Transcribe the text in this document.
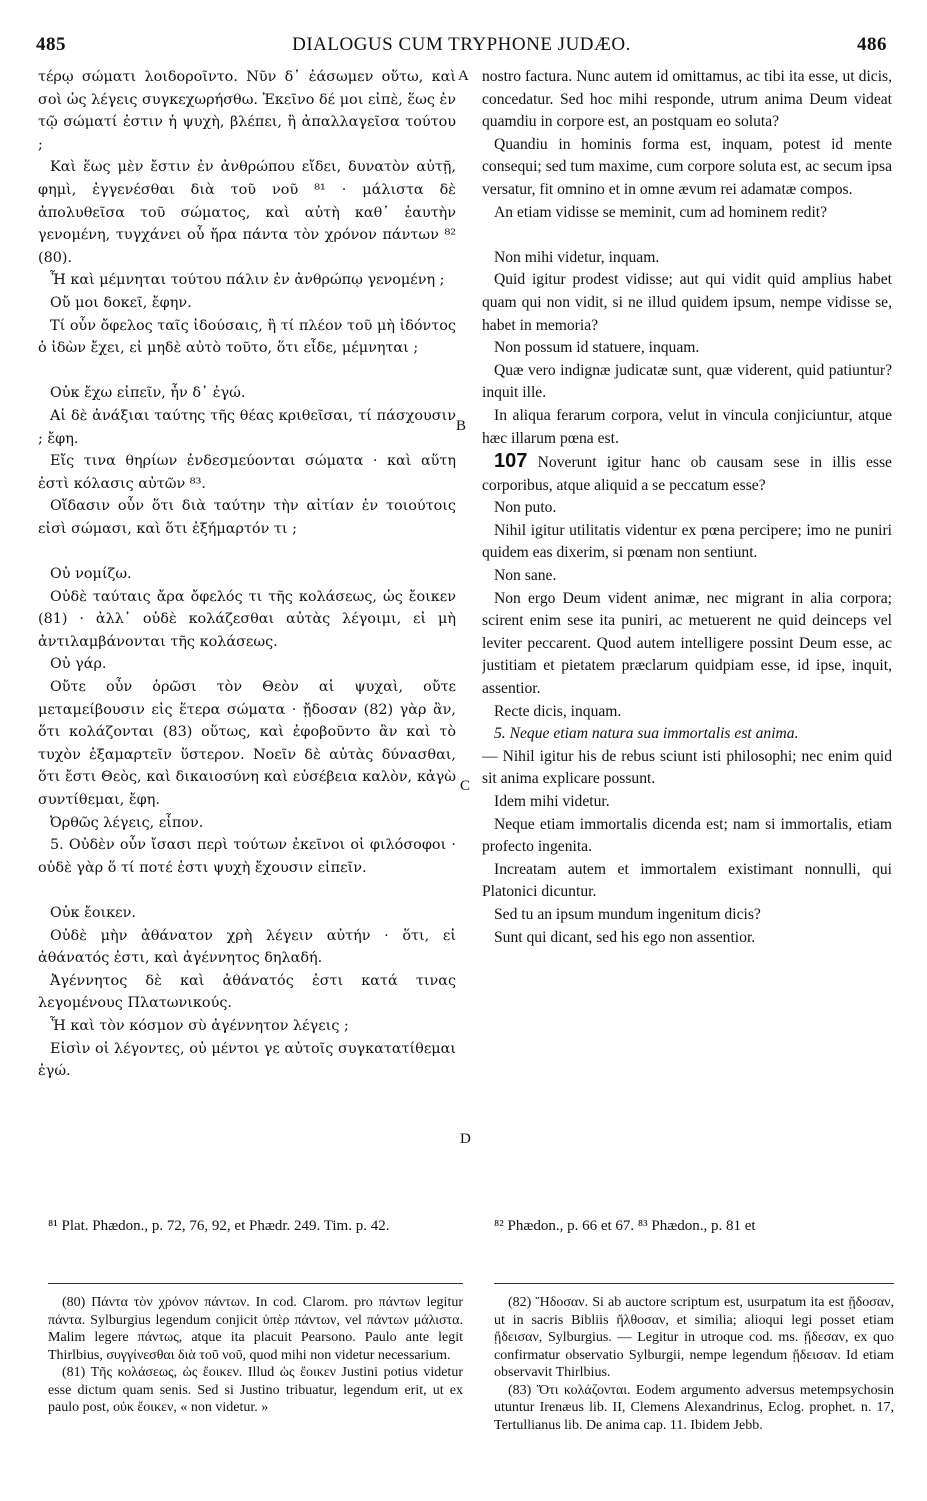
485	DIALOGUS CUM TRYPHONE JUDÆO.	486

τέρῳ σώματι λοιδοροῖντο. Νῦν δ᾽ ἐάσωμεν οὕτω, καὶ σοὶ ὡς λέγεις συγκεχωρήσθω. Ἐκεῖνο δέ μοι εἰπὲ, ἕως ἐν τῷ σώματί ἐστιν ἡ ψυχὴ, βλέπει, ἢ ἀπαλλαγεῖσα τούτου ;

Καὶ ἕως μὲν ἔστιν ἐν ἀνθρώπου εἴδει, δυνατὸν αὐτῇ, φημὶ, ἐγγενέσθαι διὰ τοῦ νοῦ ⁸¹ · μάλιστα δὲ ἀπολυθεῖσα τοῦ σώματος, καὶ αὐτὴ καθ᾽ ἑαυτὴν γενομένη, τυγχάνει οὗ ἤρα πάντα τὸν χρόνον πάντων ⁸² (80).

Ἦ καὶ μέμνηται τούτου πάλιν ἐν ἀνθρώπῳ γενομένη ;

Οὔ μοι δοκεῖ, ἔφην.

Τί οὖν ὄφελος ταῖς ἰδούσαις, ἢ τί πλέον τοῦ μὴ ἰδόντος ὁ ἰδὼν ἔχει, εἰ μηδὲ αὐτὸ τοῦτο, ὅτι εἶδε, μέμνηται ;

Οὐκ ἔχω εἰπεῖν, ἦν δ᾽ ἐγώ.

Αἱ δὲ ἀνάξιαι ταύτης τῆς θέας κριθεῖσαι, τί πάσχουσιν ; ἔφη.

Εἴς τινα θηρίων ἐνδεσμεύονται σώματα · καὶ αὕτη ἐστὶ κόλασις αὐτῶν ⁸³.

Οἴδασιν οὖν ὅτι διὰ ταύτην τὴν αἰτίαν ἐν τοιούτοις εἰσὶ σώμασι, καὶ ὅτι ἐξήμαρτόν τι ;

Οὐ νομίζω.

Οὐδὲ ταύταις ἄρα ὄφελός τι τῆς κολάσεως, ὡς ἔοικεν (81) · ἀλλ᾽ οὐδὲ κολάζεσθαι αὐτὰς λέγοιμι, εἰ μὴ ἀντιλαμβάνονται τῆς κολάσεως.

Οὐ γάρ.

Οὔτε οὖν ὁρῶσι τὸν Θεὸν αἱ ψυχαὶ, οὔτε μεταμείβουσιν εἰς ἕτερα σώματα · ᾔδοσαν (82) γὰρ ἂν, ὅτι κολάζονται (83) οὕτως, καὶ ἐφοβοῦντο ἂν καὶ τὸ τυχὸν ἐξαμαρτεῖν ὕστερον. Νοεῖν δὲ αὐτὰς δύνασθαι, ὅτι ἔστι Θεὸς, καὶ δικαιοσύνη καὶ εὐσέβεια καλὸν, κἀγὼ συντίθεμαι, ἔφη.

Ὀρθῶς λέγεις, εἶπον.

5. Οὐδὲν οὖν ἴσασι περὶ τούτων ἐκεῖνοι οἱ φιλόσοφοι · οὐδὲ γὰρ ὅ τί ποτέ ἐστι ψυχὴ ἔχουσιν εἰπεῖν.

Οὐκ ἔοικεν.

Οὐδὲ μὴν ἀθάνατον χρὴ λέγειν αὐτήν · ὅτι, εἰ ἀθάνατός ἐστι, καὶ ἀγέννητος δηλαδή.

Ἀγέννητος δὲ καὶ ἀθάνατός ἐστι κατά τινας λεγομένους Πλατωνικούς.

Ἦ καὶ τὸν κόσμον σὺ ἀγέννητον λέγεις ;

Εἰσὶν οἱ λέγοντες, οὐ μέντοι γε αὐτοῖς συγκατατίθεμαι ἐγώ.

A
B
C
D

nostro factura. Nunc autem id omittamus, ac tibi ita esse, ut dicis, concedatur. Sed hoc mihi responde, utrum anima Deum videat quamdiu in corpore est, an postquam eo soluta?

Quandiu in hominis forma est, inquam, potest id mente consequi; sed tum maxime, cum corpore soluta est, ac secum ipsa versatur, fit omnino et in omne ævum rei adamatæ compos.

An etiam vidisse se meminit, cum ad hominem redit?

Non mihi videtur, inquam.

Quid igitur prodest vidisse; aut qui vidit quid amplius habet quam qui non vidit, si ne illud quidem ipsum, nempe vidisse se, habet in memoria?

Non possum id statuere, inquam.

Quæ vero indignæ judicatæ sunt, quæ viderent, quid patiuntur? inquit ille.

In aliqua ferarum corpora, velut in vincula conjiciuntur, atque hæc illarum pœna est.

107 Noverunt igitur hanc ob causam sese in illis esse corporibus, atque aliquid a se peccatum esse?

Non puto.

Nihil igitur utilitatis videntur ex pœna percipere; imo ne puniri quidem eas dixerim, si pœnam non sentiunt.

Non sane.

Non ergo Deum vident animæ, nec migrant in alia corpora; scirent enim sese ita puniri, ac metuerent ne quid deinceps vel leviter peccarent. Quod autem intelligere possint Deum esse, ac justitiam et pietatem præclarum quidpiam esse, id ipse, inquit, assentior.

Recte dicis, inquam.

5. Neque etiam natura sua immortalis est anima.

— Nihil igitur his de rebus sciunt isti philosophi; nec enim quid sit anima explicare possunt.

Idem mihi videtur.

Neque etiam immortalis dicenda est; nam si immortalis, etiam profecto ingenita.

Increatam autem et immortalem existimant nonnulli, qui Platonici dicuntur.

Sed tu an ipsum mundum ingenitum dicis?

Sunt qui dicant, sed his ego non assentior.

⁸¹ Plat. Phædon., p. 72, 76, 92, et Phædr. 249. Tim. p. 42.	⁸² Phædon., p. 66 et 67. ⁸³ Phædon., p. 81 et

(80) Πάντα τὸν χρόνον πάντων. In cod. Clarom. pro πάντων legitur πάντα. Sylburgius legendum conjicit ὑπὲρ πάντων, vel πάντων μάλιστα. Malim legere πάντως, atque ita placuit Pearsono. Paulo ante legit Thirlbius, συγγίνεσθαι διὰ τοῦ νοῦ, quod mihi non videtur necessarium.

(81) Τῆς κολάσεως, ὡς ἔοικεν. Illud ὡς ἔοικεν Justini potius videtur esse dictum quam senis. Sed si Justino tribuatur, legendum erit, ut ex paulo post, οὐκ ἔοικεν, « non videtur. »

(82) Ἤδοσαν. Si ab auctore scriptum est, usurpatum ita est ᾔδοσαν, ut in sacris Bibliis ἤλθοσαν, et similia; alioqui legi posset etiam ᾔδεισαν, Sylburgius. — Legitur in utroque cod. ms. ᾔδεσαν, ex quo confirmatur observatio Sylburgii, nempe legendum ᾔδεισαν. Id etiam observavit Thirlbius.

(83) Ὅτι κολάζονται. Eodem argumento adversus metempsychosin utuntur Irenæus lib. II, Clemens Alexandrinus, Eclog. prophet. n. 17, Tertullianus lib. De anima cap. 11. Ibidem Jebb.
